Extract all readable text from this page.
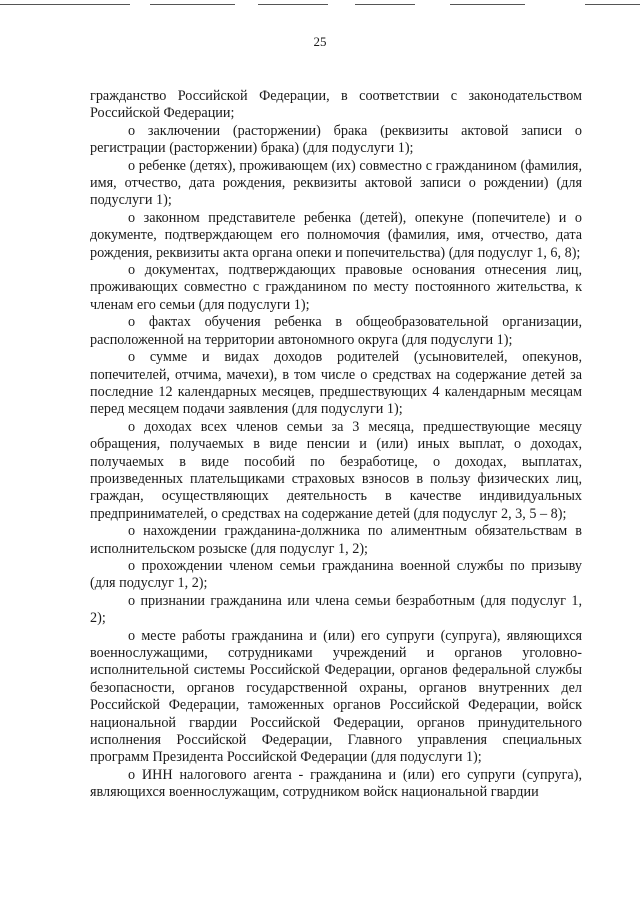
25

гражданство Российской Федерации, в соответствии с законодательством Российской Федерации;

о заключении (расторжении) брака (реквизиты актовой записи о регистрации (расторжении) брака) (для подуслуги 1);

о ребенке (детях), проживающем (их) совместно с гражданином (фамилия, имя, отчество, дата рождения, реквизиты актовой записи о рождении) (для подуслуги 1);

о законном представителе ребенка (детей), опекуне (попечителе) и о документе, подтверждающем его полномочия (фамилия, имя, отчество, дата рождения, реквизиты акта органа опеки и попечительства) (для подуслуг 1, 6, 8);

о документах, подтверждающих правовые основания отнесения лиц, проживающих совместно с гражданином по месту постоянного жительства, к членам его семьи (для подуслуги 1);

о фактах обучения ребенка в общеобразовательной организации, расположенной на территории автономного округа (для подуслуги 1);

о сумме и видах доходов родителей (усыновителей, опекунов, попечителей, отчима, мачехи), в том числе о средствах на содержание детей за последние 12 календарных месяцев, предшествующих 4 календарным месяцам перед месяцем подачи заявления (для подуслуги 1);

о доходах всех членов семьи за 3 месяца, предшествующие месяцу обращения, получаемых в виде пенсии и (или) иных выплат, о доходах, получаемых в виде пособий по безработице, о доходах, выплатах, произведенных плательщиками страховых взносов в пользу физических лиц, граждан, осуществляющих деятельность в качестве индивидуальных предпринимателей, о средствах на содержание детей (для подуслуг 2, 3, 5 – 8);

о нахождении гражданина-должника по алиментным обязательствам в исполнительском розыске (для подуслуг 1, 2);

о прохождении членом семьи гражданина военной службы по призыву (для подуслуг 1, 2);

о признании гражданина или члена семьи безработным (для подуслуг 1, 2);

о месте работы гражданина и (или) его супруги (супруга), являющихся военнослужащими, сотрудниками учреждений и органов уголовно-исполнительной системы Российской Федерации, органов федеральной службы безопасности, органов государственной охраны, органов внутренних дел Российской Федерации, таможенных органов Российской Федерации, войск национальной гвардии Российской Федерации, органов принудительного исполнения Российской Федерации, Главного управления специальных программ Президента Российской Федерации (для подуслуги 1);

о ИНН налогового агента - гражданина и (или) его супруги (супруга), являющихся военнослужащим, сотрудником войск национальной гвардии
